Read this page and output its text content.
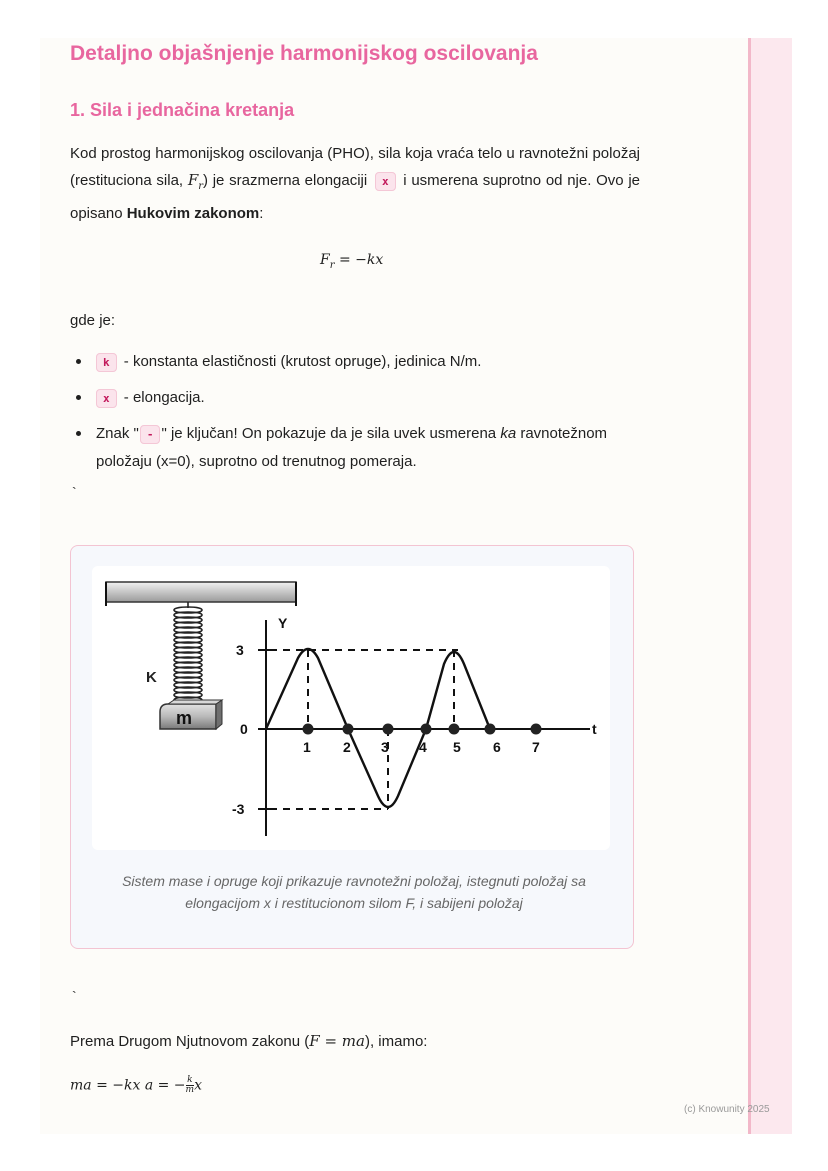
Detaljno objašnjenje harmonijskog oscilovanja
1. Sila i jednačina kretanja

Kod prostog harmonijskog oscilovanja (PHO), sila koja vraća telo u ravnotežni položaj (restituciona sila, $F_r$) je srazmerna elongaciji x i usmerena suprotno od nje. Ovo je opisano Hukovim zakonom:

$F_r = -kx$
gde je:
k - konstanta elastičnosti (krutost opruge), jedinica N/m.
x - elongacija.
Znak " - " je ključan! On pokazuje da je sila uvek usmerena ka ravnotežnom položaju (x=0), suprotno od trenutnog pomeraja.
`
K
m
Y
t
3
0
-3
1 2 3 4 5 6 7
Sistem mase i opruge koji prikazuje ravnotežni položaj, istegnuti položaj sa elongacijom x i restitucionom silom F, i sabijeni položaj
`
Prema Drugom Njutnovom zakonu (F = ma), imamo:
ma = −kx a = − $\frac{k}{m}$ x
(c) Knowunity 2025
